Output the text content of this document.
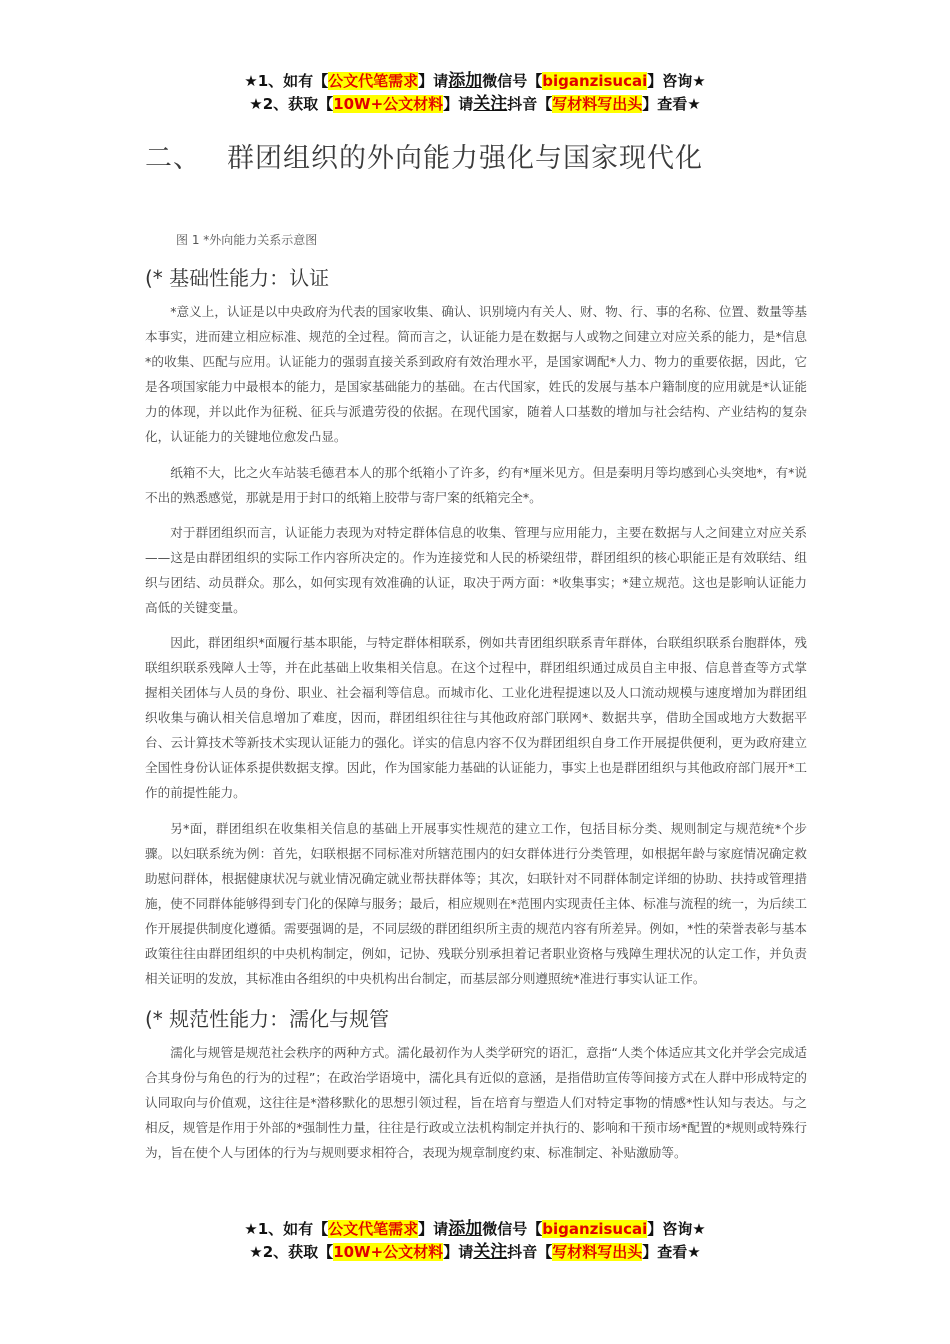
★1、如有【公文代笔需求】请添加微信号【biganzisucai】咨询★
★2、获取【10W+公文材料】请关注抖音【写材料写出头】查看★
二、 群团组织的外向能力强化与国家现代化
图 1 *外向能力关系示意图
(* 基础性能力：认证

*意义上，认证是以中央政府为代表的国家收集、确认、识别境内有关人、财、物、行、事的名称、位置、数量等基本事实，进而建立相应标准、规范的全过程。简而言之，认证能力是在数据与人或物之间建立对应关系的能力，是*信息*的收集、匹配与应用。认证能力的强弱直接关系到政府有效治理水平，是国家调配*人力、物力的重要依据，因此，它是各项国家能力中最根本的能力，是国家基础能力的基础。在古代国家，姓氏的发展与基本户籍制度的应用就是*认证能力的体现，并以此作为征税、征兵与派遣劳役的依据。在现代国家，随着人口基数的增加与社会结构、产业结构的复杂化，认证能力的关键地位愈发凸显。

纸箱不大，比之火车站装毛德君本人的那个纸箱小了许多，约有*厘米见方。但是秦明月等均感到心头突地*，有*说不出的熟悉感觉，那就是用于封口的纸箱上胶带与寄尸案的纸箱完全*。

对于群团组织而言，认证能力表现为对特定群体信息的收集、管理与应用能力，主要在数据与人之间建立对应关系——这是由群团组织的实际工作内容所决定的。作为连接党和人民的桥梁纽带，群团组织的核心职能正是有效联结、组织与团结、动员群众。那么，如何实现有效准确的认证，取决于两方面：*收集事实；*建立规范。这也是影响认证能力高低的关键变量。

因此，群团组织*面履行基本职能，与特定群体相联系，例如共青团组织联系青年群体，台联组织联系台胞群体，残联组织联系残障人士等，并在此基础上收集相关信息。在这个过程中，群团组织通过成员自主申报、信息普查等方式掌握相关团体与人员的身份、职业、社会福利等信息。而城市化、工业化进程提速以及人口流动规模与速度增加为群团组织收集与确认相关信息增加了难度，因而，群团组织往往与其他政府部门联网*、数据共享，借助全国或地方大数据平台、云计算技术等新技术实现认证能力的强化。详实的信息内容不仅为群团组织自身工作开展提供便利，更为政府建立全国性身份认证体系提供数据支撑。因此，作为国家能力基础的认证能力，事实上也是群团组织与其他政府部门展开*工作的前提性能力。

另*面，群团组织在收集相关信息的基础上开展事实性规范的建立工作，包括目标分类、规则制定与规范统*个步骤。以妇联系统为例：首先，妇联根据不同标准对所辖范围内的妇女群体进行分类管理，如根据年龄与家庭情况确定救助慰问群体，根据健康状况与就业情况确定就业帮扶群体等；其次，妇联针对不同群体制定详细的协助、扶持或管理措施，使不同群体能够得到专门化的保障与服务；最后，相应规则在*范围内实现责任主体、标准与流程的统一，为后续工作开展提供制度化遵循。需要强调的是，不同层级的群团组织所主责的规范内容有所差异。例如，*性的荣誉表彰与基本政策往往由群团组织的中央机构制定，例如，记协、残联分别承担着记者职业资格与残障生理状况的认定工作，并负责相关证明的发放，其标准由各组织的中央机构出台制定，而基层部分则遵照统*准进行事实认证工作。

(* 规范性能力：濡化与规管

濡化与规管是规范社会秩序的两种方式。濡化最初作为人类学研究的语汇，意指“人类个体适应其文化并学会完成适合其身份与角色的行为的过程”；在政治学语境中，濡化具有近似的意涵，是指借助宣传等间接方式在人群中形成特定的认同取向与价值观，这往往是*潜移默化的思想引领过程，旨在培育与塑造人们对特定事物的情感*性认知与表达。与之相反，规管是作用于外部的*强制性力量，往往是行政或立法机构制定并执行的、影响和干预市场*配置的*规则或特殊行为，旨在使个人与团体的行为与规则要求相符合，表现为规章制度约束、标准制定、补贴激励等。

★1、如有【公文代笔需求】请添加微信号【biganzisucai】咨询★
★2、获取【10W+公文材料】请关注抖音【写材料写出头】查看★
